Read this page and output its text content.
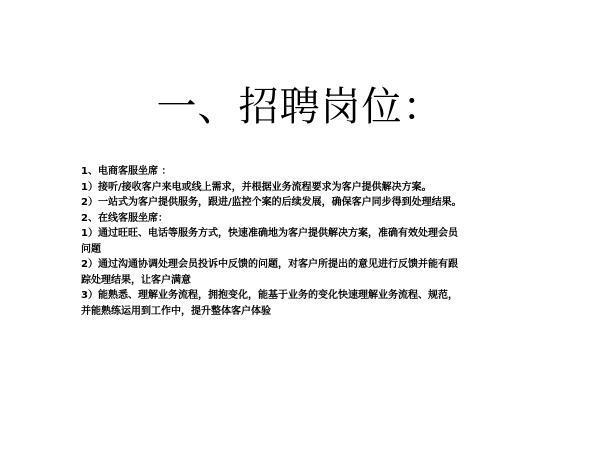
一、招聘岗位：
1、电商客服坐席 ：
1）接听/接收客户来电或线上需求，并根据业务流程要求为客户提供解决方案。
2）一站式为客户提供服务，跟进/监控个案的后续发展，确保客户同步得到处理结果。
2、在线客服坐席：
1）通过旺旺、电话等服务方式，快速准确地为客户提供解决方案，准确有效处理会员
问题
2）通过沟通协调处理会员投诉中反馈的问题，对客户所提出的意见进行反馈并能有跟
踪处理结果，让客户满意
3）能熟悉、理解业务流程，拥抱变化，能基于业务的变化快速理解业务流程、规范，
并能熟练运用到工作中，提升整体客户体验
